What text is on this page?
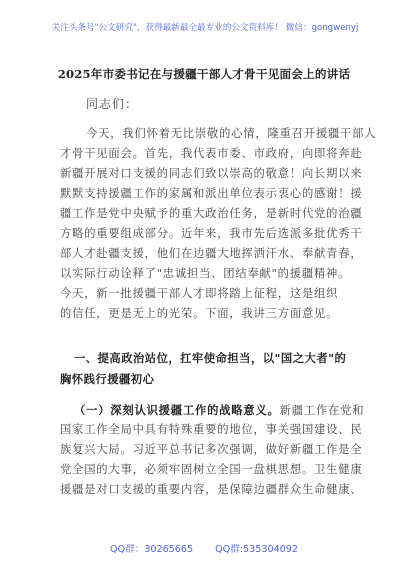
关注头条号"公文研究"，获得最新最全最专业的公文资料库！ 微信：gongwenyj
2025年市委书记在与援疆干部人才骨干见面会上的讲话
同志们：
今天，我们怀着无比崇敬的心情，隆重召开援疆干部人
才骨干见面会。首先，我代表市委、市政府，向即将奔赴
新疆开展对口支援的同志们致以崇高的敬意！向长期以来
默默支持援疆工作的家属和派出单位表示衷心的感谢！援
疆工作是党中央赋予的重大政治任务，是新时代党的治疆
方略的重要组成部分。近年来，我市先后选派多批优秀干
部人才赴疆支援，他们在边疆大地挥洒汗水、奉献青春，
以实际行动诠释了"忠诚担当、团结奉献"的援疆精神。
今天，新一批援疆干部人才即将踏上征程，这是组织
的信任，更是无上的光荣。下面，我讲三方面意见。
一、提高政治站位，扛牢使命担当，以"国之大者"的
胸怀践行援疆初心
（一）深刻认识援疆工作的战略意义。新疆工作在党和
国家工作全局中具有特殊重要的地位，事关强国建设、民
族复兴大局。习近平总书记多次强调，做好新疆工作是全
党全国的大事，必须牢固树立全国一盘棋思想。卫生健康
援疆是对口支援的重要内容，是保障边疆群众生命健康、
QQ群：30265665 QQ群:535304092
